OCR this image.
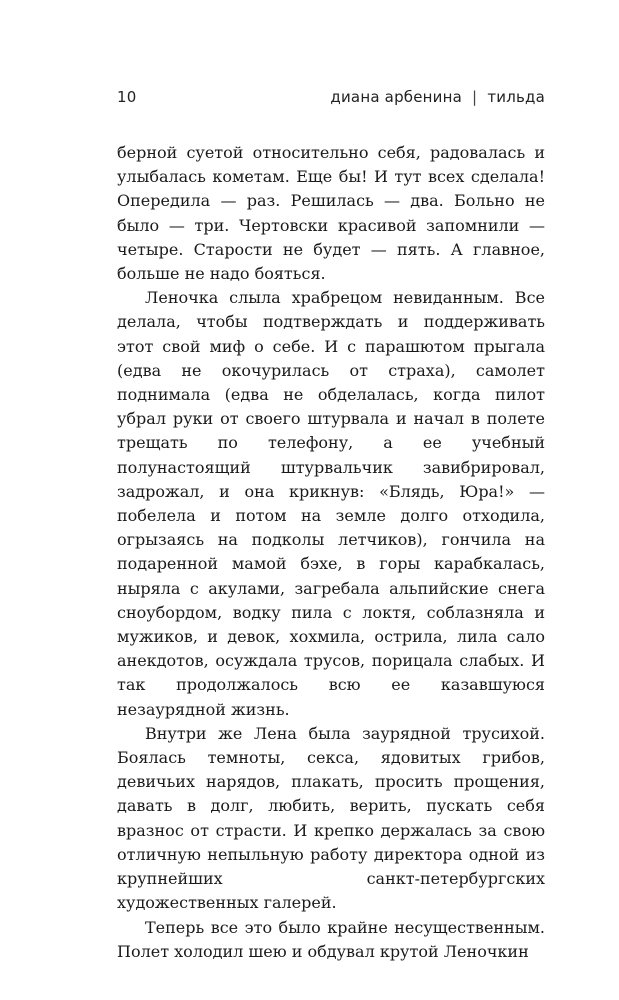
10	диана арбенина | тильда

берной суетой относительно себя, радовалась и улыбалась кометам. Еще бы! И тут всех сделала! Опередила — раз. Решилась — два. Больно не было — три. Чертовски красивой запомнили — четыре. Старости не будет — пять. А главное, больше не надо бояться.

Леночка слыла храбрецом невиданным. Все делала, чтобы подтверждать и поддерживать этот свой миф о себе. И с парашютом прыгала (едва не окочурилась от страха), самолет поднимала (едва не обделалась, когда пилот убрал руки от своего штурвала и начал в полете трещать по телефону, а ее учебный полунастоящий штурвальчик завибрировал, задрожал, и она крикнув: «Блядь, Юра!» — побелела и потом на земле долго отходила, огрызаясь на подколы летчиков), гончила на подаренной мамой бэхе, в горы карабкалась, ныряла с акулами, загребала альпийские снега сноубордом, водку пила с локтя, соблазняла и мужиков, и девок, хохмила, острила, лила сало анекдотов, осуждала трусов, порицала слабых. И так продолжалось всю ее казавшуюся незаурядной жизнь.

Внутри же Лена была заурядной трусихой. Боялась темноты, секса, ядовитых грибов, девичьих нарядов, плакать, просить прощения, давать в долг, любить, верить, пускать себя вразнос от страсти. И крепко держалась за свою отличную непыльную работу директора одной из крупнейших санкт-петербургских художественных галерей.

Теперь все это было крайне несущественным. Полет холодил шею и обдувал крутой Леночкин
